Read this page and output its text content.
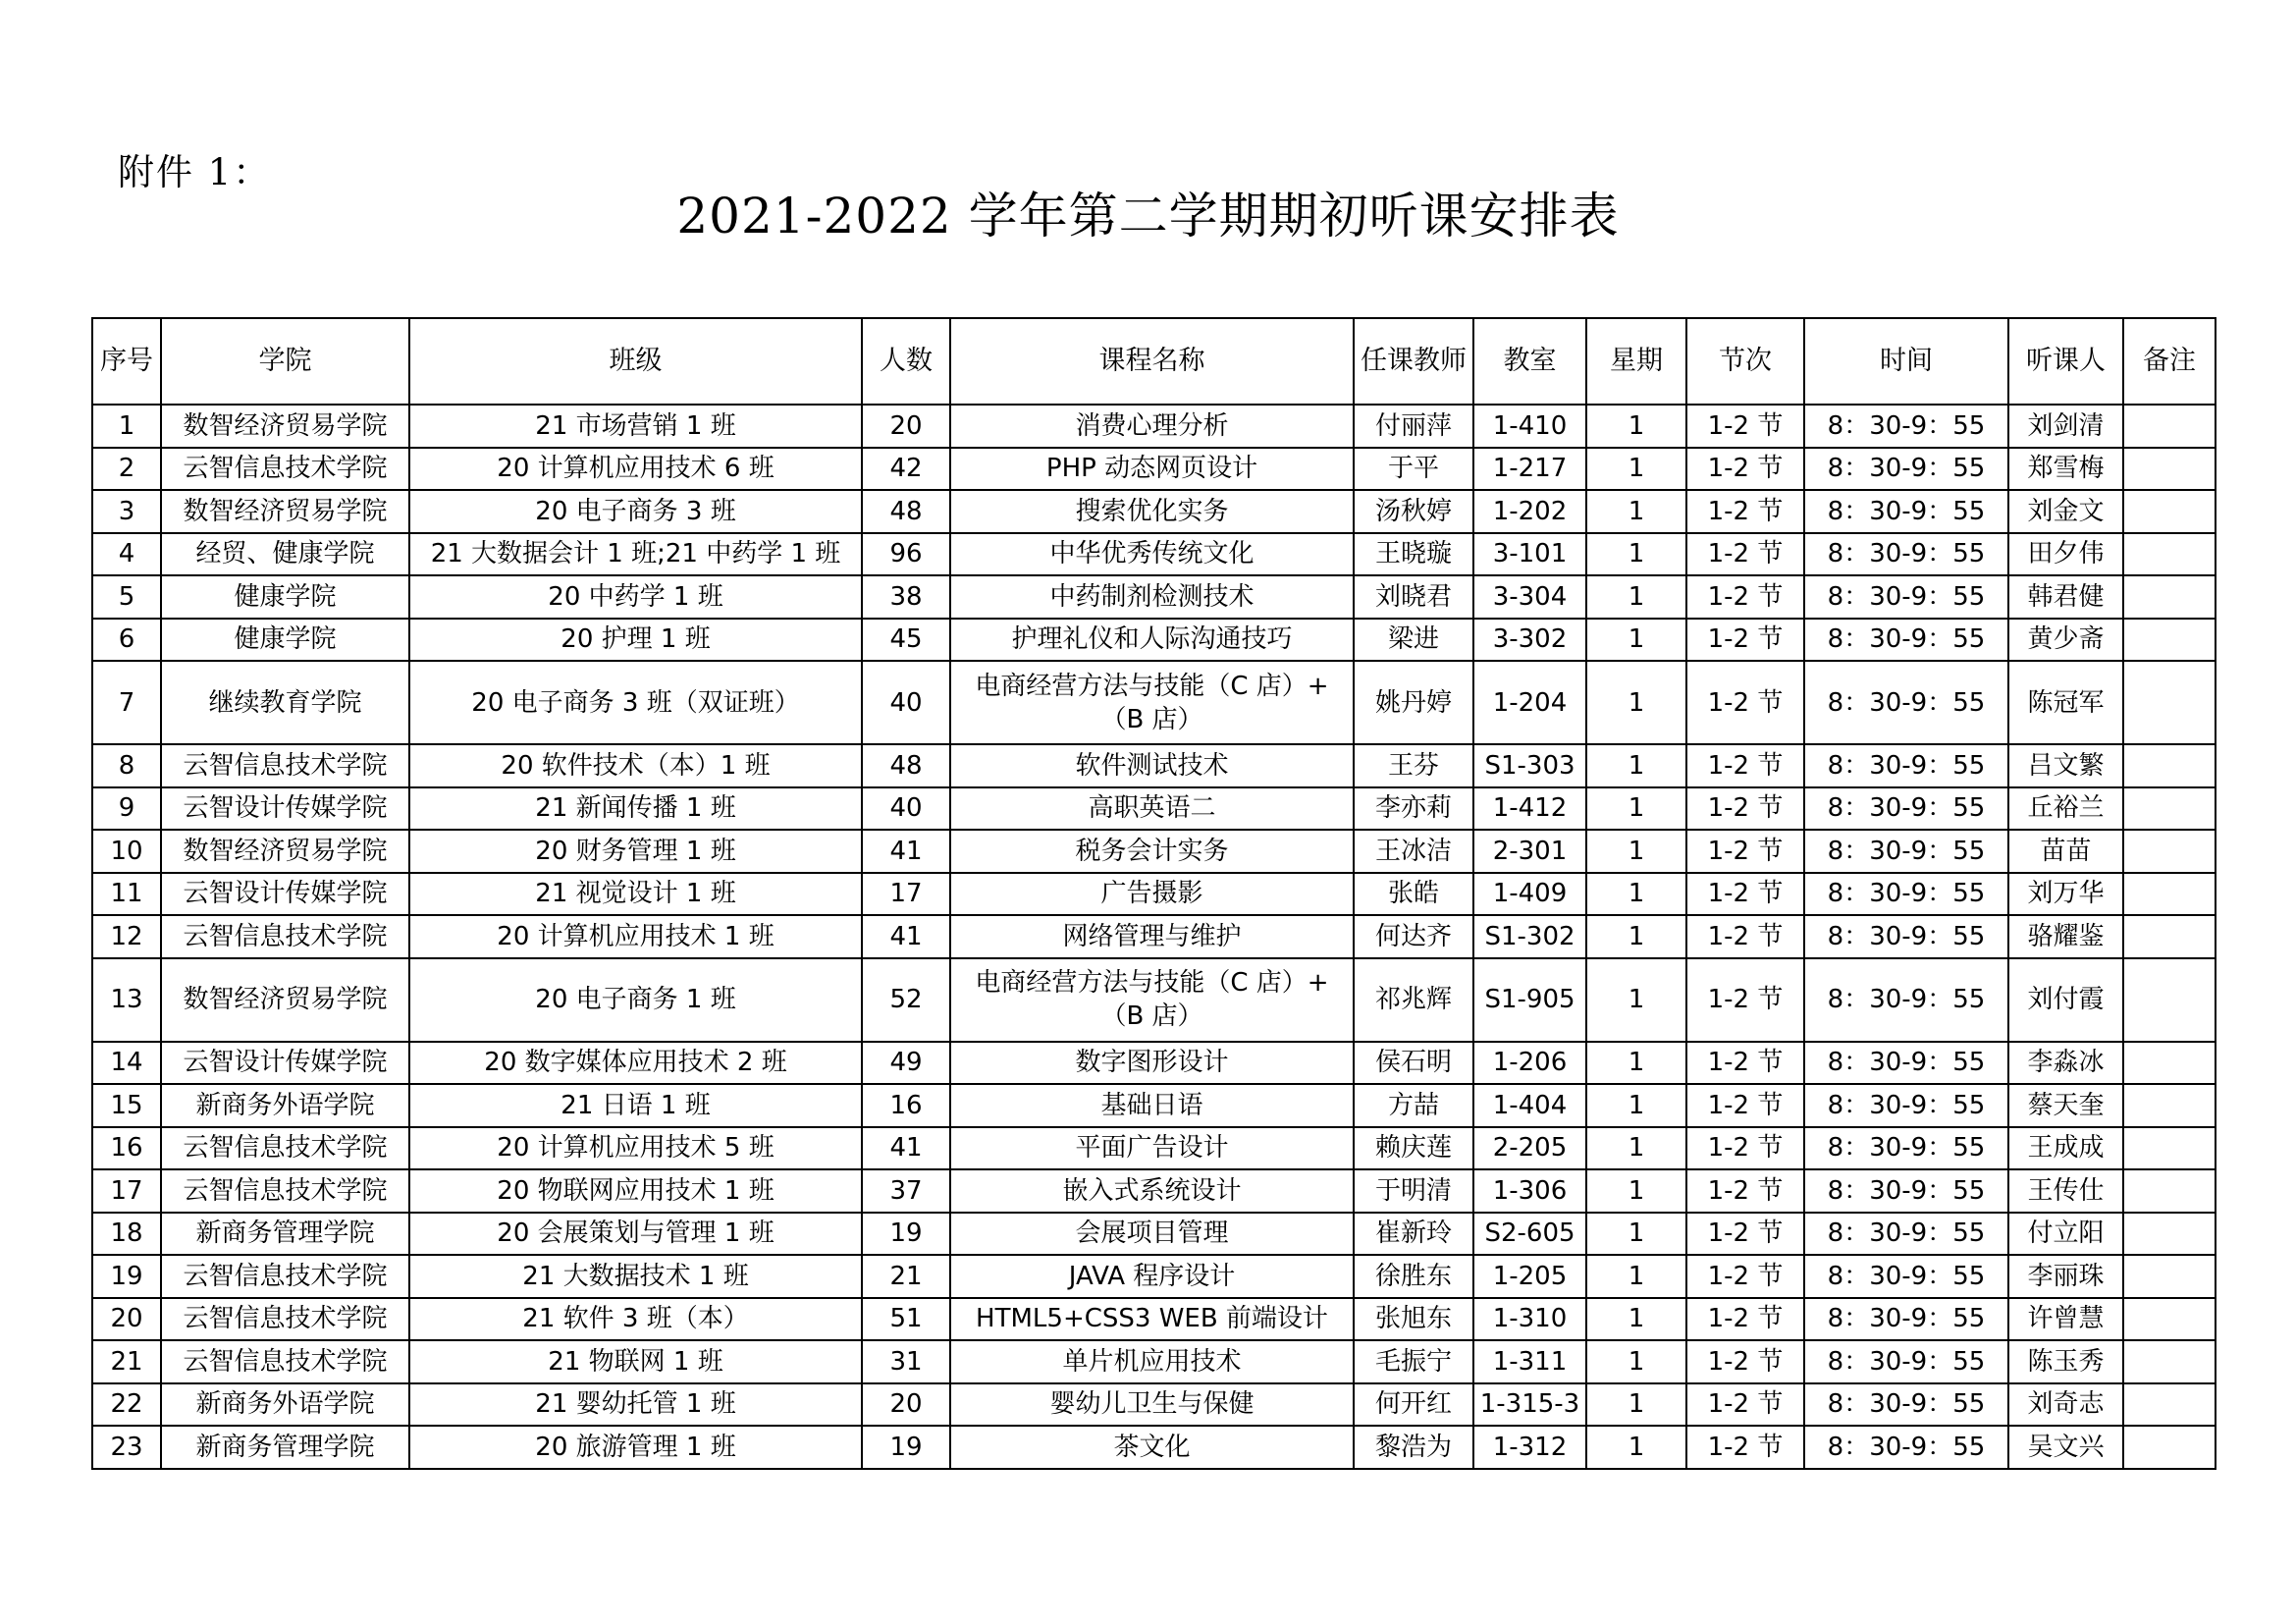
附件 1：
2021-2022 学年第二学期期初听课安排表
序号	学院	班级	人数	课程名称	任课教师	教室	星期	节次	时间	听课人	备注
1	数智经济贸易学院	21 市场营销 1 班	20	消费心理分析	付丽萍	1-410	1	1-2 节	8：30-9：55	刘剑清	
2	云智信息技术学院	20 计算机应用技术 6 班	42	PHP 动态网页设计	于平	1-217	1	1-2 节	8：30-9：55	郑雪梅	
3	数智经济贸易学院	20 电子商务 3 班	48	搜索优化实务	汤秋婷	1-202	1	1-2 节	8：30-9：55	刘金文	
4	经贸、健康学院	21 大数据会计 1 班;21 中药学 1 班	96	中华优秀传统文化	王晓璇	3-101	1	1-2 节	8：30-9：55	田夕伟	
5	健康学院	20 中药学 1 班	38	中药制剂检测技术	刘晓君	3-304	1	1-2 节	8：30-9：55	韩君健	
6	健康学院	20 护理 1 班	45	护理礼仪和人际沟通技巧	梁进	3-302	1	1-2 节	8：30-9：55	黄少斋	
7	继续教育学院	20 电子商务 3 班（双证班）	40	电商经营方法与技能（C 店）+（B 店）	姚丹婷	1-204	1	1-2 节	8：30-9：55	陈冠军	
8	云智信息技术学院	20 软件技术（本）1 班	48	软件测试技术	王芬	S1-303	1	1-2 节	8：30-9：55	吕文繁	
9	云智设计传媒学院	21 新闻传播 1 班	40	高职英语二	李亦莉	1-412	1	1-2 节	8：30-9：55	丘裕兰	
10	数智经济贸易学院	20 财务管理 1 班	41	税务会计实务	王冰洁	2-301	1	1-2 节	8：30-9：55	苗苗	
11	云智设计传媒学院	21 视觉设计 1 班	17	广告摄影	张皓	1-409	1	1-2 节	8：30-9：55	刘万华	
12	云智信息技术学院	20 计算机应用技术 1 班	41	网络管理与维护	何达齐	S1-302	1	1-2 节	8：30-9：55	骆耀鉴	
13	数智经济贸易学院	20 电子商务 1 班	52	电商经营方法与技能（C 店）+（B 店）	祁兆辉	S1-905	1	1-2 节	8：30-9：55	刘付霞	
14	云智设计传媒学院	20 数字媒体应用技术 2 班	49	数字图形设计	侯石明	1-206	1	1-2 节	8：30-9：55	李淼冰	
15	新商务外语学院	21 日语 1 班	16	基础日语	方喆	1-404	1	1-2 节	8：30-9：55	蔡天奎	
16	云智信息技术学院	20 计算机应用技术 5 班	41	平面广告设计	赖庆莲	2-205	1	1-2 节	8：30-9：55	王成成	
17	云智信息技术学院	20 物联网应用技术 1 班	37	嵌入式系统设计	于明清	1-306	1	1-2 节	8：30-9：55	王传仕	
18	新商务管理学院	20 会展策划与管理 1 班	19	会展项目管理	崔新玲	S2-605	1	1-2 节	8：30-9：55	付立阳	
19	云智信息技术学院	21 大数据技术 1 班	21	JAVA 程序设计	徐胜东	1-205	1	1-2 节	8：30-9：55	李丽珠	
20	云智信息技术学院	21 软件 3 班（本）	51	HTML5+CSS3 WEB 前端设计	张旭东	1-310	1	1-2 节	8：30-9：55	许曾慧	
21	云智信息技术学院	21 物联网 1 班	31	单片机应用技术	毛振宁	1-311	1	1-2 节	8：30-9：55	陈玉秀	
22	新商务外语学院	21 婴幼托管 1 班	20	婴幼儿卫生与保健	何开红	1-315-3	1	1-2 节	8：30-9：55	刘奇志	
23	新商务管理学院	20 旅游管理 1 班	19	茶文化	黎浩为	1-312	1	1-2 节	8：30-9：55	吴文兴	
